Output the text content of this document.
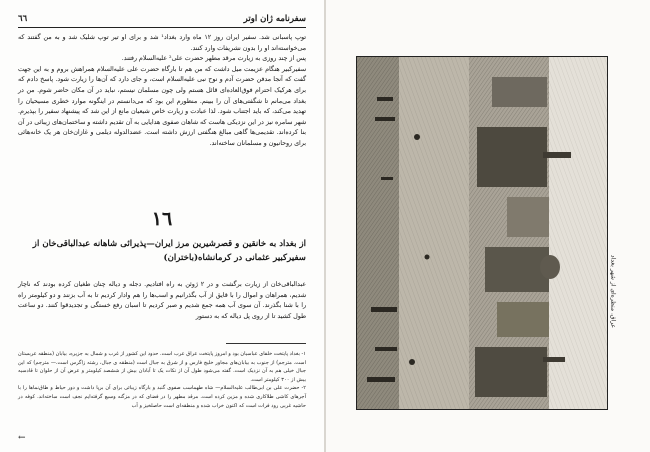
سفرنامه ژان اوتر
٦٦

توپ پاسبانی شد. سفیر ایران روز ۱۲ ماه وارد بغداد¹ شد و برای او تیر توپ شلیک شد و به من گفتند که می‌خواسته‌اند او را بدون نشریفات وارد کنند.

پس از چند روزی به زیارت مرقد مطهر حضرت علی² علیه‌السلام رفتند.

سفیرکبیر هنگام عزیمت میل داشت که من هم تا بارگاه حضرت علی علیه‌السلام همراهش بروم و به این جهت گفت که آنجا مدفن حضرت آدم و نوح نبی علیه‌السلام است، و جای دارد که آن‌ها را زیارت شود. پاسخ دادم که برای هرکیک احترام فوق‌العاده‌ای قائل هستم ولی چون مسلمان نیستم، نباید در آن مکان حاضر شوم. من در بغداد می‌مانم تا شگفتی‌های آن را ببینم. منظورم این بود که می‌دانستم در اینگونه موارد خطری مسیحیان را تهدید می‌کند، که باید اجتناب شود. لذا عبادت و زیارت خاص شیعیان مانع از این شد که پیشنهاد سفیر را بپذیرم. شهر سامره نیز در این نزدیکی هاست که شاهان صفوی هدایایی به آن تقدیم داشته و ساختمان‌های زیبائی در آن بنا کرده‌اند. تقدیمی‌ها گاهی مبالغ هنگفتی ارزش داشته است. عضدالدوله دیلمی و غازان‌خان هر یک خانه‌هائی برای روحانیون و مسلمانان ساخته‌اند.

۱٦
از بغداد به خانقین و قصرشیرین مرز ایران—پذیرائی شاهانه عبدالباقی‌خان از سفیرکبیر عثمانی در کرمانشاه(باختران)

عبدالباقی‌خان از زیارت برگشت و در ۲ ژوئن به راه افتادیم. دجله و دیاله چنان طغیان کرده بودند که ناچار شدیم، همراهان و اموال را با قایق از آب بگذرانیم و اسب‌ها را هم وادار کردیم تا به آب بزنند و دو کیلومتر راه را با شنا بگذرند. آن سوی آب همه جمع شدیم و صبر کردیم تا اسبان رفع خستگی و تجدیدقوا کنند. دو ساعت طول کشید تا از روی پل دیاله که به دستور

۱- بغداد پایتخت خلفای عباسیان بود و امروز پایتخت عراق عرب است. حدود این کشور از غرب و شمال به جزیره، بیابان (منطقه عربستان است. مترجم) از جنوب به بیابان‌های مجاور خلیج فارس و از شرق به جبال است (منطقه ی جبال، رشته زاگرس است.— مترجم) که این جبال خیلی هم به آن نزدیک است. گفته می‌شود طول آن از نکات یک تا آبادان بیش از ششصد کیلومتر و عرض آن از حلوان تا قادسیه بیش از ۳۰۰ کیلومتر است.

۲- حضرت علی بن ابی‌طالب علیه‌السلام— شاه طهماسب صفوی گنبد و بارگاه زیبائی برای آن برپا داشت و دور حیاط و طاق‌نماها را با آجرهای کاشی طلاکاری شده و مزین کرده است. مرقد مطهر را در فضای که در مزگنه وسیع گرفته‌ایم نجف است ساخته‌اند. کوفه در حاشیه غربی رود فرات است که اکنون خراب شده و منطقه‌ای است حاصلخیز و آب

←
عراق. منظره‌ای از شهر بغداد
